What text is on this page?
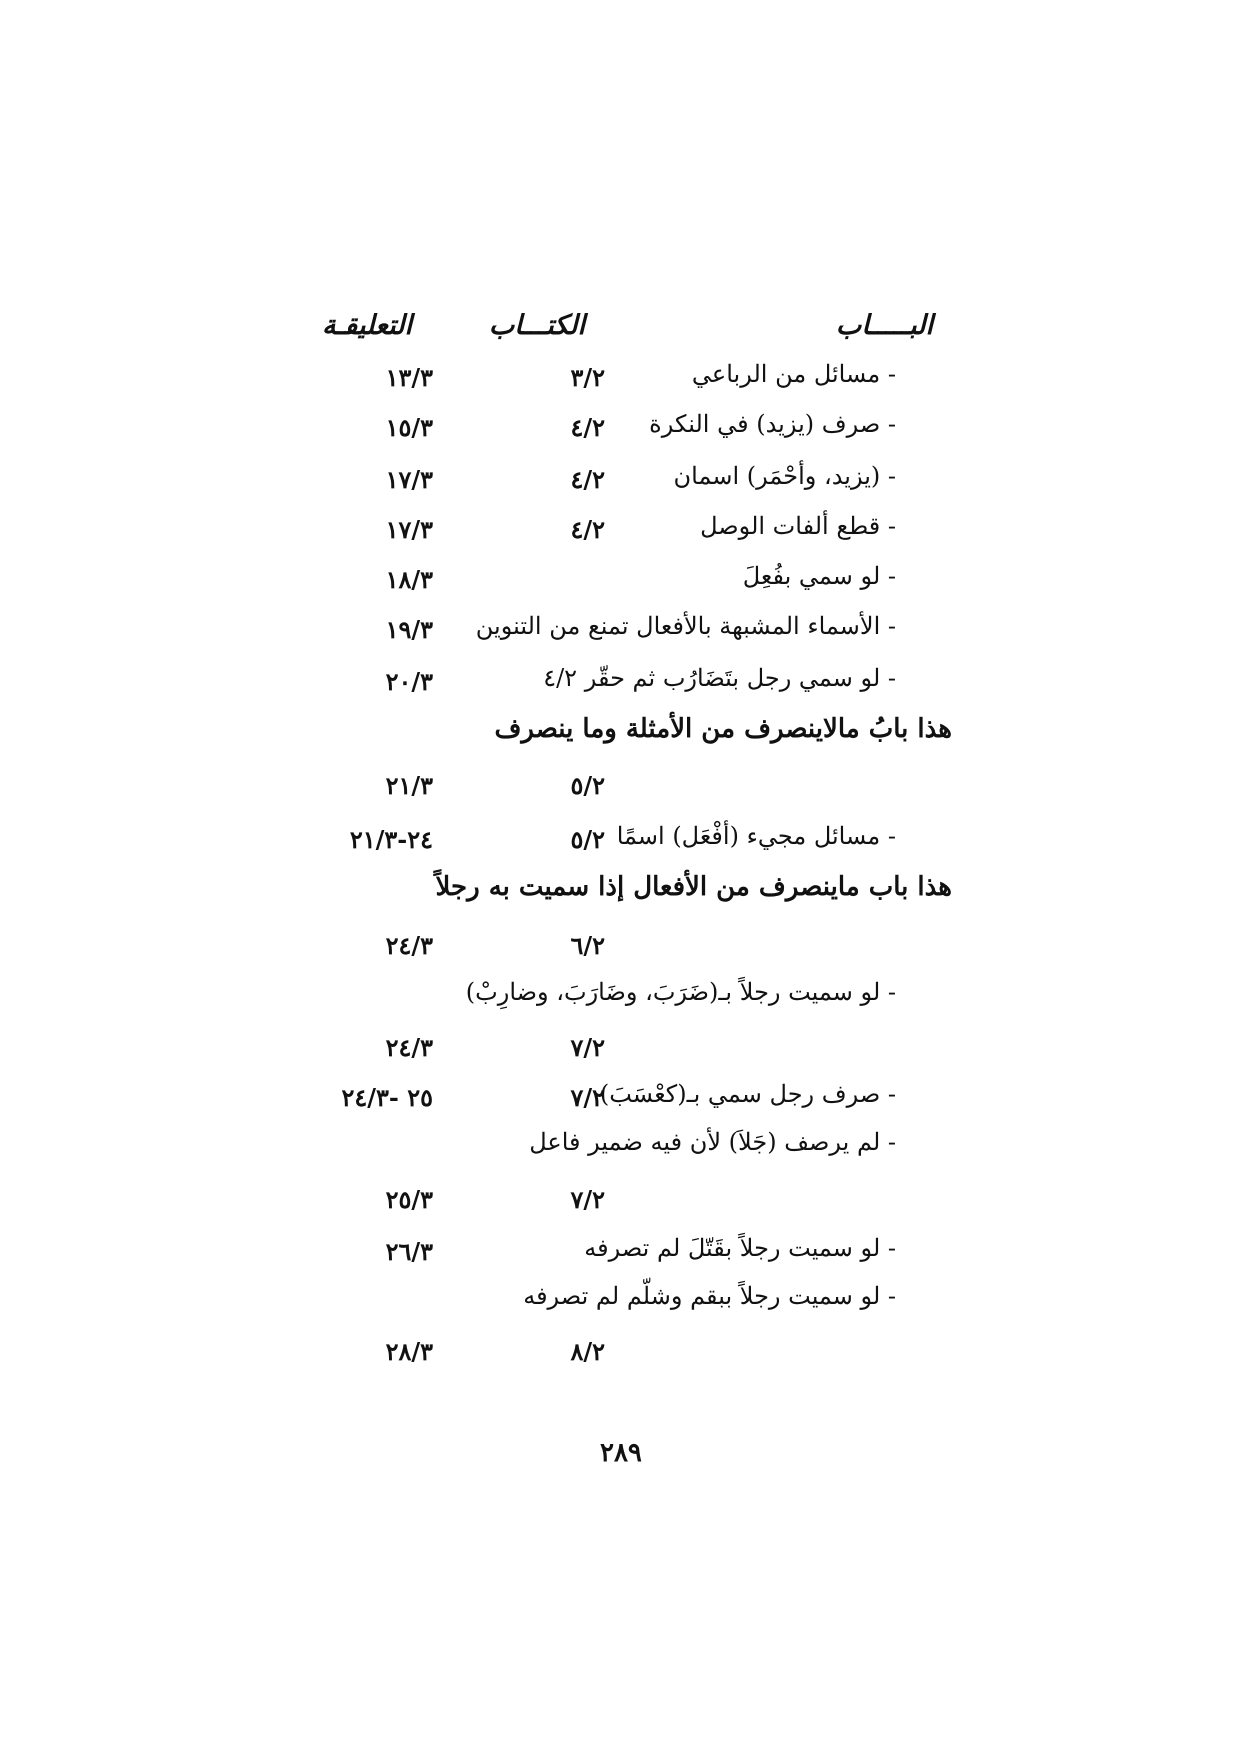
البـــــاب
الكتـــاب
التعليقـة
- مسائل من الرباعي
٣/٢
١٣/٣
- صرف (يزيد) في النكرة
٤/٢
١٥/٣
- (يزيد، وأحْمَر) اسمان
٤/٢
١٧/٣
- قطع ألفات الوصل
٤/٢
١٧/٣
- لو سمي بفُعِلَ
١٨/٣
- الأسماء المشبهة بالأفعال تمنع من التنوين
١٩/٣
- لو سمي رجل بتَضَارُب ثم حقّر ٤/٢
٢٠/٣
هذا بابُ مالاينصرف من الأمثلة وما ينصرف
٥/٢
٢١/٣
- مسائل مجيء (أفْعَل) اسمًا
٥/٢
٢٤-٢١/٣
هذا باب ماينصرف من الأفعال إذا سميت به رجلاً
٦/٢
٢٤/٣
- لو سميت رجلاً بـ(ضَرَبَ، وضَارَبَ، وضارِبْ)
٧/٢
٢٤/٣
- صرف رجل سمي بـ(كعْسَبَ)
٧/٢
٢٥ -٢٤/٣
- لم يرصف (جَلاَ) لأن فيه ضمير فاعل
٧/٢
٢٥/٣
- لو سميت رجلاً بقَتّلَ لم تصرفه
٢٦/٣
- لو سميت رجلاً ببقم وشلّم لم تصرفه
٨/٢
٢٨/٣
٢٨٩
